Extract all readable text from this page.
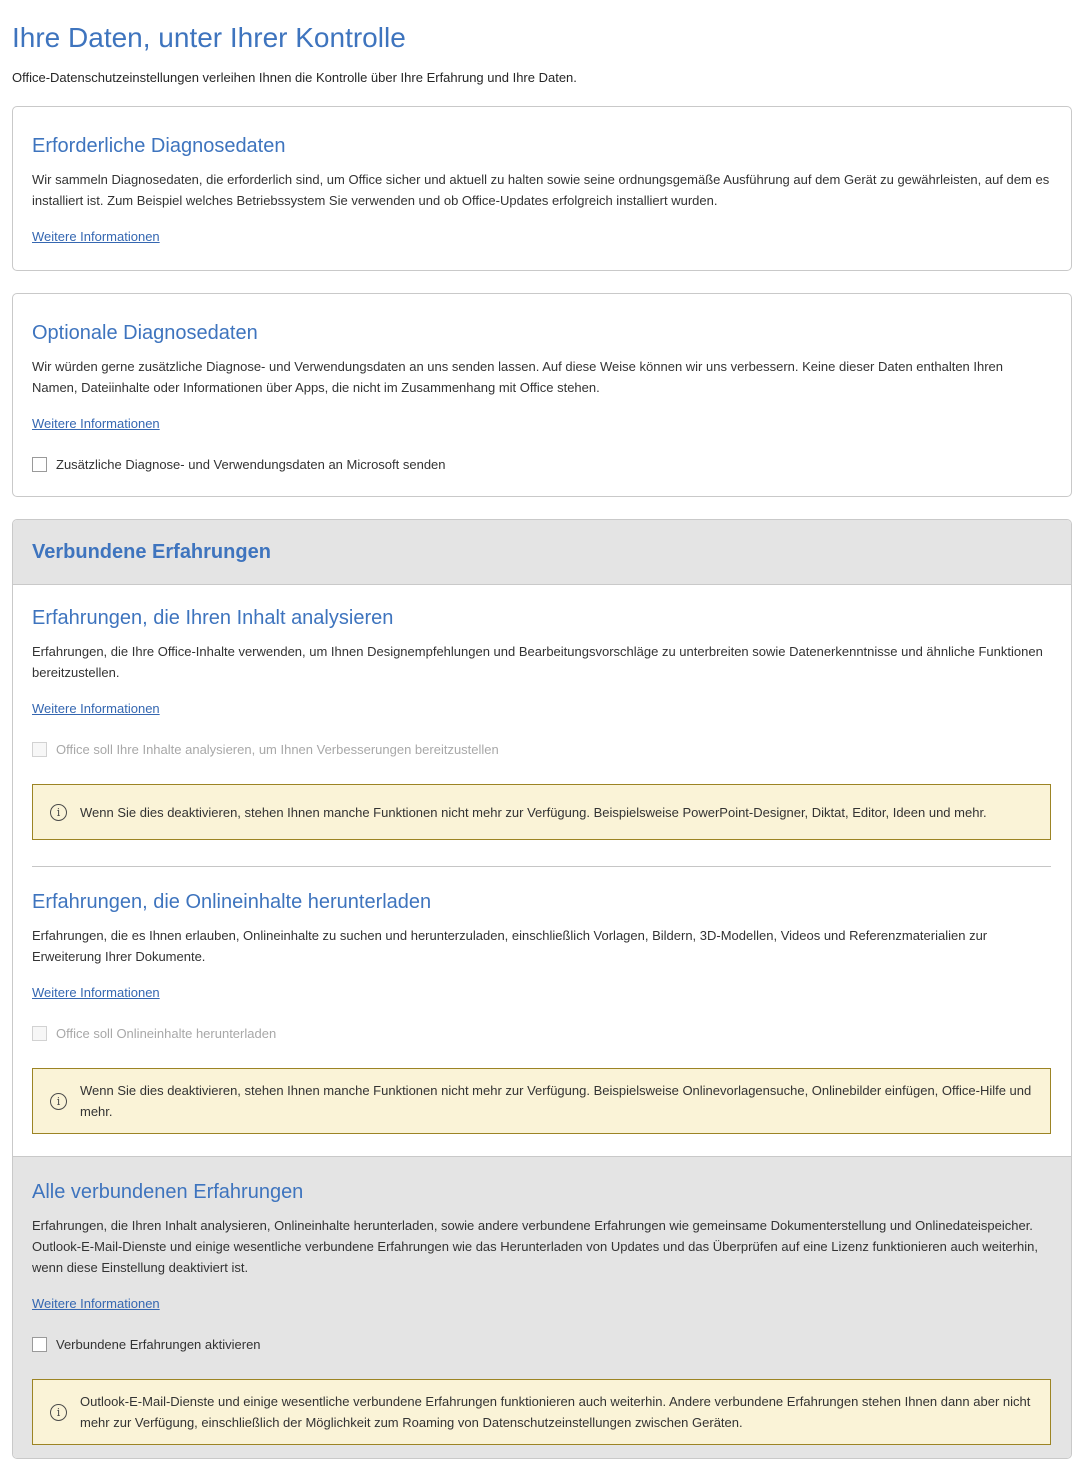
Ihre Daten, unter Ihrer Kontrolle

Office-Datenschutzeinstellungen verleihen Ihnen die Kontrolle über Ihre Erfahrung und Ihre Daten.

Erforderliche Diagnosedaten

Wir sammeln Diagnosedaten, die erforderlich sind, um Office sicher und aktuell zu halten sowie seine ordnungsgemäße Ausführung auf dem Gerät zu gewährleisten, auf dem es installiert ist. Zum Beispiel welches Betriebssystem Sie verwenden und ob Office-Updates erfolgreich installiert wurden.

Weitere Informationen
Optionale Diagnosedaten

Wir würden gerne zusätzliche Diagnose- und Verwendungsdaten an uns senden lassen. Auf diese Weise können wir uns verbessern. Keine dieser Daten enthalten Ihren Namen, Dateiinhalte oder Informationen über Apps, die nicht im Zusammenhang mit Office stehen.

Weitere Informationen
Zusätzliche Diagnose- und Verwendungsdaten an Microsoft senden
Verbundene Erfahrungen
Erfahrungen, die Ihren Inhalt analysieren

Erfahrungen, die Ihre Office-Inhalte verwenden, um Ihnen Designempfehlungen und Bearbeitungsvorschläge zu unterbreiten sowie Datenerkenntnisse und ähnliche Funktionen bereitzustellen.

Weitere Informationen
Office soll Ihre Inhalte analysieren, um Ihnen Verbesserungen bereitzustellen
i	Wenn Sie dies deaktivieren, stehen Ihnen manche Funktionen nicht mehr zur Verfügung. Beispielsweise PowerPoint-Designer, Diktat, Editor, Ideen und mehr.
Erfahrungen, die Onlineinhalte herunterladen

Erfahrungen, die es Ihnen erlauben, Onlineinhalte zu suchen und herunterzuladen, einschließlich Vorlagen, Bildern, 3D-Modellen, Videos und Referenzmaterialien zur Erweiterung Ihrer Dokumente.

Weitere Informationen
Office soll Onlineinhalte herunterladen
i
Wenn Sie dies deaktivieren, stehen Ihnen manche Funktionen nicht mehr zur Verfügung. Beispielsweise Onlinevorlagensuche, Onlinebilder einfügen, Office-Hilfe und mehr.
Alle verbundenen Erfahrungen

Erfahrungen, die Ihren Inhalt analysieren, Onlineinhalte herunterladen, sowie andere verbundene Erfahrungen wie gemeinsame Dokumenterstellung und Onlinedateispeicher. Outlook-E-Mail-Dienste und einige wesentliche verbundene Erfahrungen wie das Herunterladen von Updates und das Überprüfen auf eine Lizenz funktionieren auch weiterhin, wenn diese Einstellung deaktiviert ist.

Weitere Informationen
Verbundene Erfahrungen aktivieren
i
Outlook-E-Mail-Dienste und einige wesentliche verbundene Erfahrungen funktionieren auch weiterhin. Andere verbundene Erfahrungen stehen Ihnen dann aber nicht mehr zur Verfügung, einschließlich der Möglichkeit zum Roaming von Datenschutzeinstellungen zwischen Geräten.
